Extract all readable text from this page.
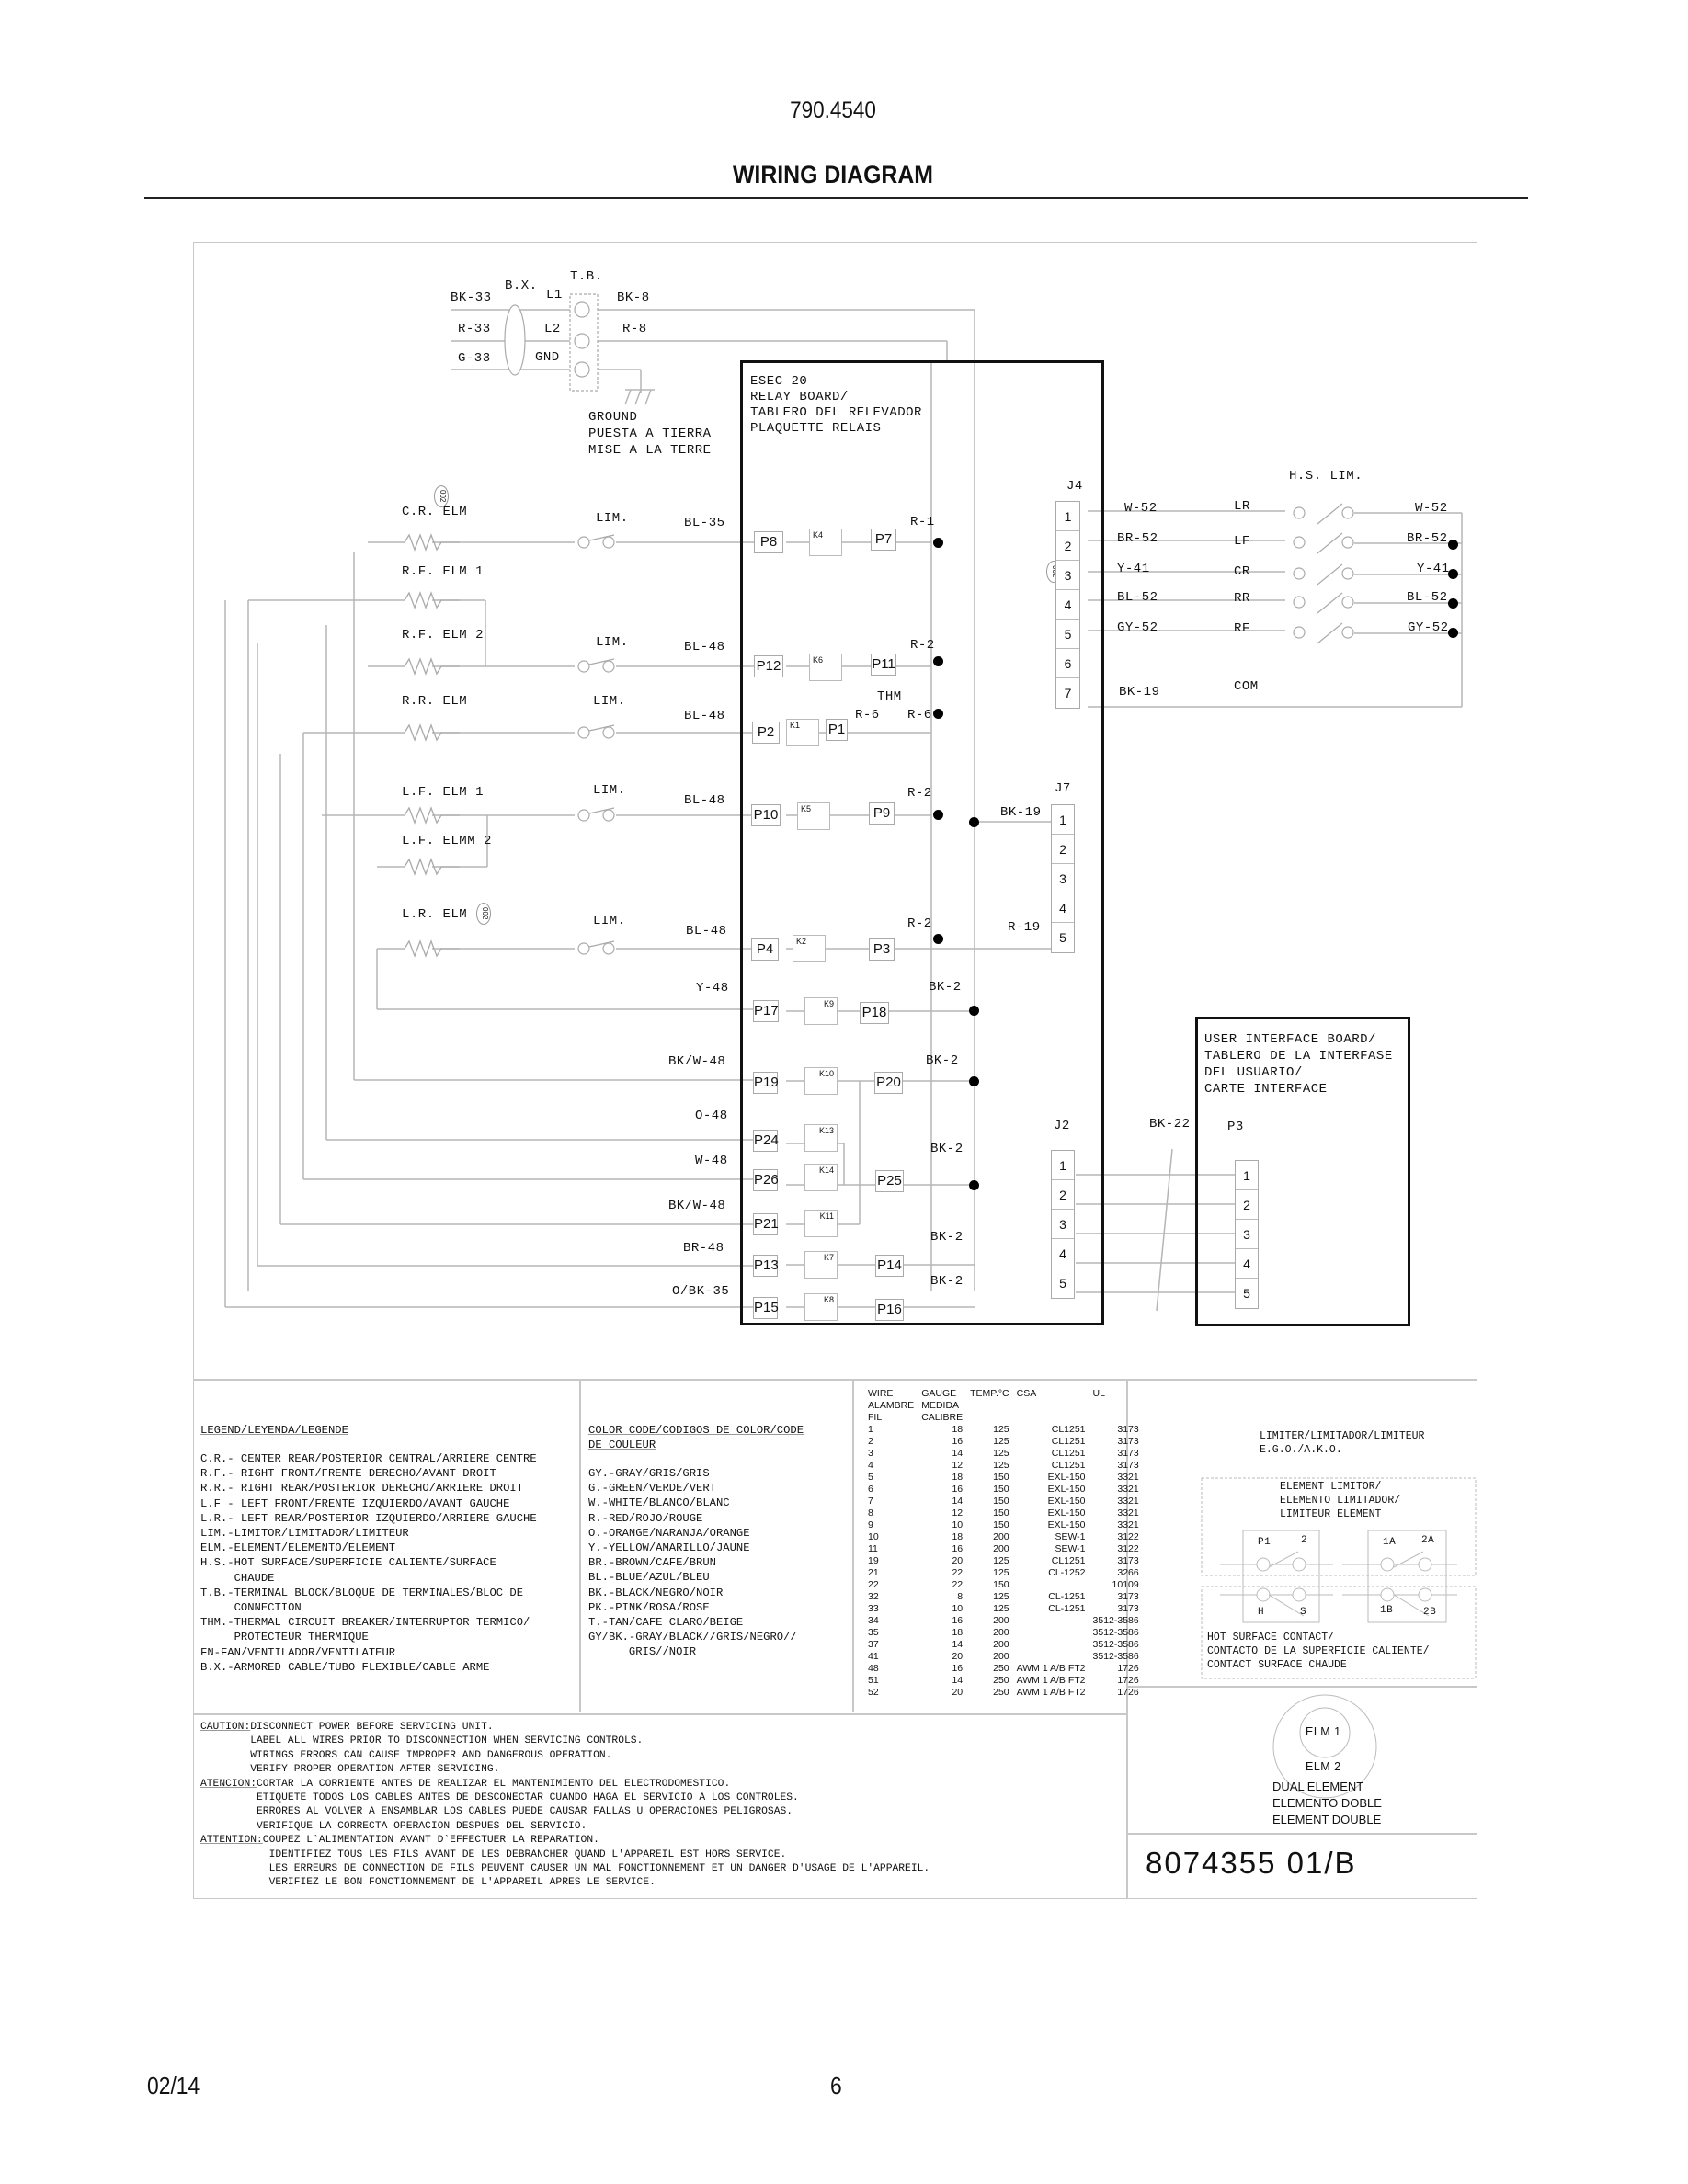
790.4540
WIRING DIAGRAM
BK-33
R-33
G-33
B.X.
T.B.
L1
L2
GND
BK-8
R-8
GROUND
PUESTA A TIERRA
MISE A LA TERRE
ESEC 20
RELAY BOARD/
TABLERO DEL RELEVADOR
PLAQUETTE RELAIS
C.R. ELM
R.F. ELM 1
R.F. ELM 2
R.R. ELM
L.F. ELM 1
L.F. ELMM 2
L.R. ELM
002
002
LIM.
LIM.
LIM.
LIM.
LIM.
BL-35
BL-48
BL-48
BL-48
BL-48
Y-48
BK/W-48
O-48
W-48
BK/W-48
BR-48
O/BK-35
P8	K4	P7
R-1
P12	K6	P11
R-2
P2	K1 P1
THM
R-6 R-6
P10	K5	P9
R-2
P4	K2	P3
R-2
P17	K9
P18
BK-2
P19
K10
P20
BK-2
P24
K13
P26
K14
P25
BK-2
P21	K11
P13	K7	P14
BK-2
P15	K8
P16
BK-2
J4
1
2
3
4
5
6
7
J7
1
2
3
4
5
BK-19
R-19
J2
1
2
3
4
5
H.S. LIM.
W-52
BR-52
Y-41
BL-52
GY-52
BK-19
LR
LF
CR
RR
RF
COM
W-52
BR-52
Y-41
BL-52
GY-52
USER INTERFACE BOARD/
TABLERO DE LA INTERFASE
DEL USUARIO/
CARTE INTERFACE
BK-22	P3
1
2
3
4
5
LEGEND/LEYENDA/LEGENDE
C.R.- CENTER REAR/POSTERIOR CENTRAL/ARRIERE CENTRE
R.F.- RIGHT FRONT/FRENTE DERECHO/AVANT DROIT
R.R.- RIGHT REAR/POSTERIOR DERECHO/ARRIERE DROIT
L.F - LEFT FRONT/FRENTE IZQUIERDO/AVANT GAUCHE
L.R.- LEFT REAR/POSTERIOR IZQUIERDO/ARRIERE GAUCHE
LIM.-LIMITOR/LIMITADOR/LIMITEUR
ELM.-ELEMENT/ELEMENTO/ELEMENT
H.S.-HOT SURFACE/SUPERFICIE CALIENTE/SURFACE
CHAUDE
T.B.-TERMINAL BLOCK/BLOQUE DE TERMINALES/BLOC DE
CONNECTION
THM.-THERMAL CIRCUIT BREAKER/INTERRUPTOR TERMICO/
PROTECTEUR THERMIQUE
FN-FAN/VENTILADOR/VENTILATEUR
B.X.-ARMORED CABLE/TUBO FLEXIBLE/CABLE ARME
COLOR CODE/CODIGOS DE COLOR/CODE
DE COULEUR
GY.-GRAY/GRIS/GRIS
G.-GREEN/VERDE/VERT
W.-WHITE/BLANCO/BLANC
R.-RED/ROJO/ROUGE
O.-ORANGE/NARANJA/ORANGE
Y.-YELLOW/AMARILLO/JAUNE
BR.-BROWN/CAFE/BRUN
BL.-BLUE/AZUL/BLEU
BK.-BLACK/NEGRO/NOIR
PK.-PINK/ROSA/ROSE
T.-TAN/CAFE CLARO/BEIGE
GY/BK.-GRAY/BLACK//GRIS/NEGRO//
GRIS//NOIR
WIRE	GAUGE	TEMP.°C	CSA	UL
ALAMBRE	MEDIDA			
FIL	CALIBRE			
1	18	125	CL1251	3173
2	16	125	CL1251	3173
3	14	125	CL1251	3173
4	12	125	CL1251	3173
5	18	150	EXL-150	3321
6	16	150	EXL-150	3321
7	14	150	EXL-150	3321
8	12	150	EXL-150	3321
9	10	150	EXL-150	3321
10	18	200	SEW-1	3122
11	16	200	SEW-1	3122
19	20	125	CL1251	3173
21	22	125	CL-1252	3266
22	22	150		10109
32	8	125	CL-1251	3173
33	10	125	CL-1251	3173
34	16	200		3512-3586
35	18	200		3512-3586
37	14	200		3512-3586
41	20	200		3512-3586
48	16	250	AWM 1 A/B FT2	1726
51	14	250	AWM 1 A/B FT2	1726
52	20	250	AWM 1 A/B FT2	1726
LIMITER/LIMITADOR/LIMITEUR
E.G.O./A.K.O.
ELEMENT LIMITOR/
ELEMENTO LIMITADOR/
LIMITEUR ELEMENT
P1	2
H	S
1A	2A
1B	2B
HOT SURFACE CONTACT/
CONTACTO DE LA SUPERFICIE CALIENTE/
CONTACT SURFACE CHAUDE
ELM 1
ELM 2
DUAL ELEMENT
ELEMENTO DOBLE
ELEMENT DOUBLE
8074355 01/B
CAUTION:DISCONNECT POWER BEFORE SERVICING UNIT.
LABEL ALL WIRES PRIOR TO DISCONNECTION WHEN SERVICING CONTROLS.
WIRINGS ERRORS CAN CAUSE IMPROPER AND DANGEROUS OPERATION.
VERIFY PROPER OPERATION AFTER SERVICING.
ATENCION:CORTAR LA CORRIENTE ANTES DE REALIZAR EL MANTENIMIENTO DEL ELECTRODOMESTICO.
ETIQUETE TODOS LOS CABLES ANTES DE DESCONECTAR CUANDO HAGA EL SERVICIO A LOS CONTROLES.
ERRORES AL VOLVER A ENSAMBLAR LOS CABLES PUEDE CAUSAR FALLAS U OPERACIONES PELIGROSAS.
VERIFIQUE LA CORRECTA OPERACION DESPUES DEL SERVICIO.
ATTENTION:COUPEZ L`ALIMENTATION AVANT D`EFFECTUER LA REPARATION.
IDENTIFIEZ TOUS LES FILS AVANT DE LES DEBRANCHER QUAND L'APPAREIL EST HORS SERVICE.
LES ERREURS DE CONNECTION DE FILS PEUVENT CAUSER UN MAL FONCTIONNEMENT ET UN DANGER D'USAGE DE L'APPAREIL.
VERIFIEZ LE BON FONCTIONNEMENT DE L'APPAREIL APRES LE SERVICE.
02/14	6
